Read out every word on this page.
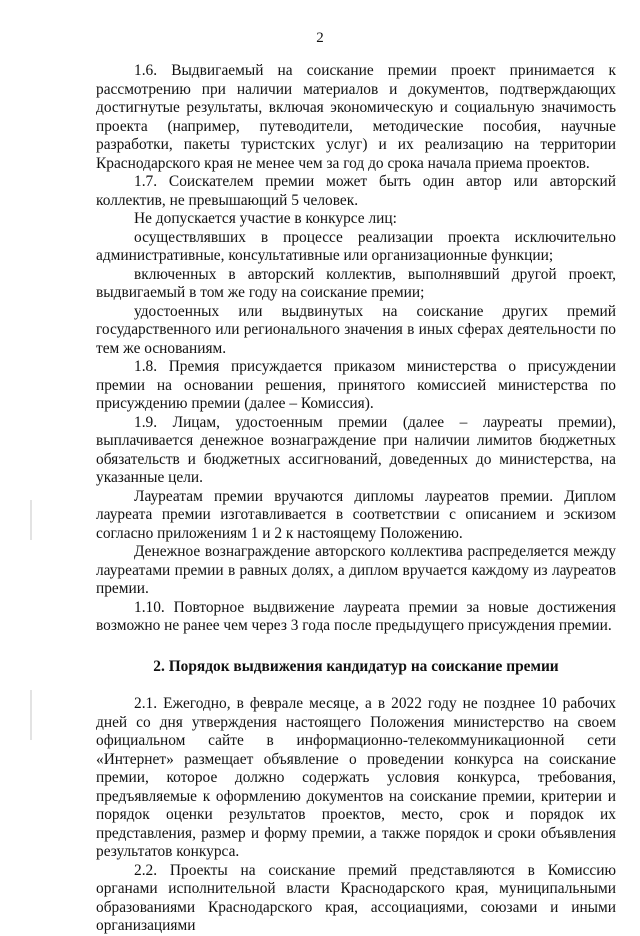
2

1.6. Выдвигаемый на соискание премии проект принимается к рассмотрению при наличии материалов и документов, подтверждающих достигнутые результаты, включая экономическую и социальную значимость проекта (например, путеводители, методические пособия, научные разработки, пакеты туристских услуг) и их реализацию на территории Краснодарского края не менее чем за год до срока начала приема проектов.

1.7. Соискателем премии может быть один автор или авторский коллектив, не превышающий 5 человек.

Не допускается участие в конкурсе лиц:

осуществлявших в процессе реализации проекта исключительно административные, консультативные или организационные функции;

включенных в авторский коллектив, выполнявший другой проект, выдвигаемый в том же году на соискание премии;

удостоенных или выдвинутых на соискание других премий государственного или регионального значения в иных сферах деятельности по тем же основаниям.

1.8. Премия присуждается приказом министерства о присуждении премии на основании решения, принятого комиссией министерства по присуждению премии (далее – Комиссия).

1.9. Лицам, удостоенным премии (далее – лауреаты премии), выплачивается денежное вознаграждение при наличии лимитов бюджетных обязательств и бюджетных ассигнований, доведенных до министерства, на указанные цели.

Лауреатам премии вручаются дипломы лауреатов премии. Диплом лауреата премии изготавливается в соответствии с описанием и эскизом согласно приложениям 1 и 2 к настоящему Положению.

Денежное вознаграждение авторского коллектива распределяется между лауреатами премии в равных долях, а диплом вручается каждому из лауреатов премии.

1.10. Повторное выдвижение лауреата премии за новые достижения возможно не ранее чем через 3 года после предыдущего присуждения премии.

2. Порядок выдвижения кандидатур на соискание премии

2.1. Ежегодно, в феврале месяце, а в 2022 году не позднее 10 рабочих дней со дня утверждения настоящего Положения министерство на своем официальном сайте в информационно-телекоммуникационной сети «Интернет» размещает объявление о проведении конкурса на соискание премии, которое должно содержать условия конкурса, требования, предъявляемые к оформлению документов на соискание премии, критерии и порядок оценки результатов проектов, место, срок и порядок их представления, размер и форму премии, а также порядок и сроки объявления результатов конкурса.

2.2. Проекты на соискание премий представляются в Комиссию органами исполнительной власти Краснодарского края, муниципальными образованиями Краснодарского края, ассоциациями, союзами и иными организациями
